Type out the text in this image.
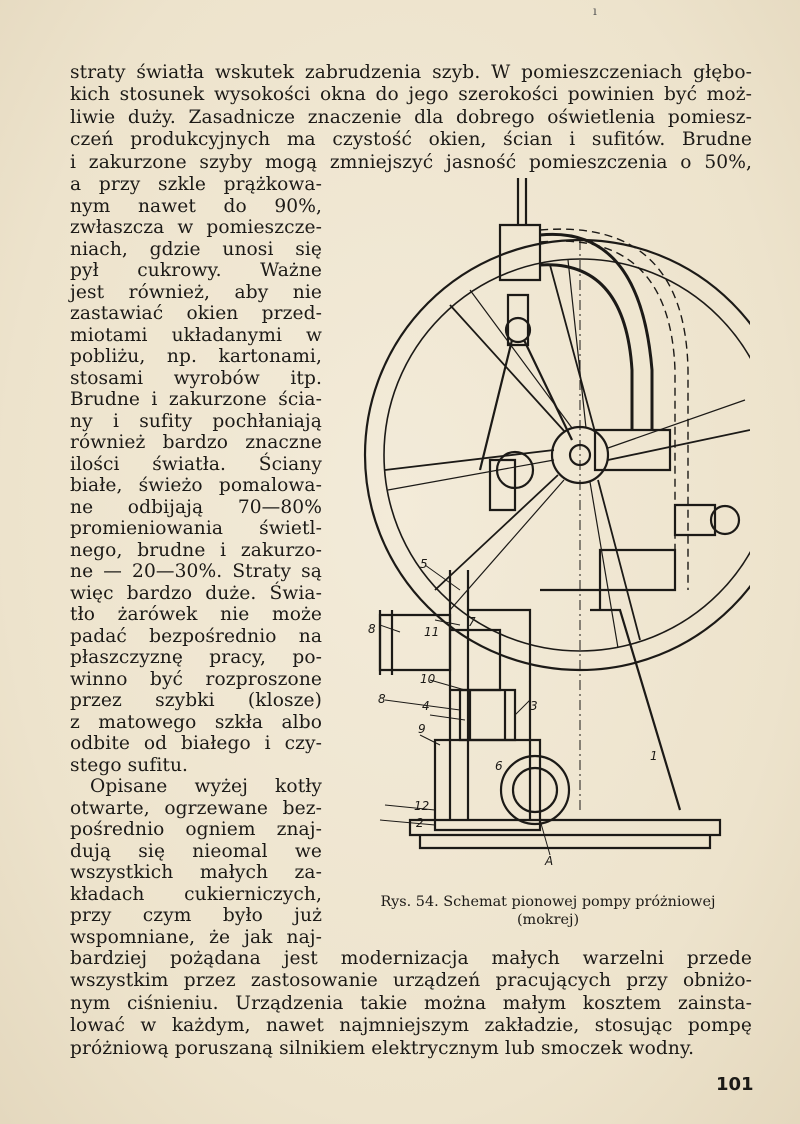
ı
straty światła wskutek zabrudzenia szyb. W pomieszczeniach głębo-
kich stosunek wysokości okna do jego szerokości powinien być moż-
liwie duży. Zasadnicze znaczenie dla dobrego oświetlenia pomiesz-
czeń produkcyjnych ma czystość okien, ścian i sufitów. Brudne
i zakurzone szyby mogą zmniejszyć jasność pomieszczenia o 50%,
a przy szkle prążkowa-
nym nawet do 90%,
zwłaszcza w pomieszcze-
niach, gdzie unosi się
pył cukrowy. Ważne
jest również, aby nie
zastawiać okien przed-
miotami układanymi w
pobliżu, np. kartonami,
stosami wyrobów itp.
Brudne i zakurzone ścia-
ny i sufity pochłaniają
również bardzo znaczne
ilości światła. Ściany
białe, świeżo pomalowa-
ne odbijają 70—80%
promieniowania świetl-
nego, brudne i zakurzo-
ne — 20—30%. Straty są
więc bardzo duże. Świa-
tło żarówek nie może
padać bezpośrednio na
płaszczyznę pracy, po-
winno być rozproszone
przez szybki (klosze)
z matowego szkła albo
odbite od białego i czy-
stego sufitu.
Opisane wyżej kotły
otwarte, ogrzewane bez-
pośrednio ogniem znaj-
dują się nieomal we
wszystkich małych za-
kładach cukierniczych,
przy czym było już
wspomniane, że jak naj-
bardziej pożądana jest modernizacja małych warzelni przede
wszystkim przez zastosowanie urządzeń pracujących przy obniżo-
nym ciśnieniu. Urządzenia takie można małym kosztem zainsta-
lować w każdym, nawet najmniejszym zakładzie, stosując pompę
próżniową poruszaną silnikiem elektrycznym lub smoczek wodny.
5
7
8	11
10
8	4	3
9
6
1
12
2
A
Rys. 54. Schemat pionowej pompy próżniowej
(mokrej)
101
